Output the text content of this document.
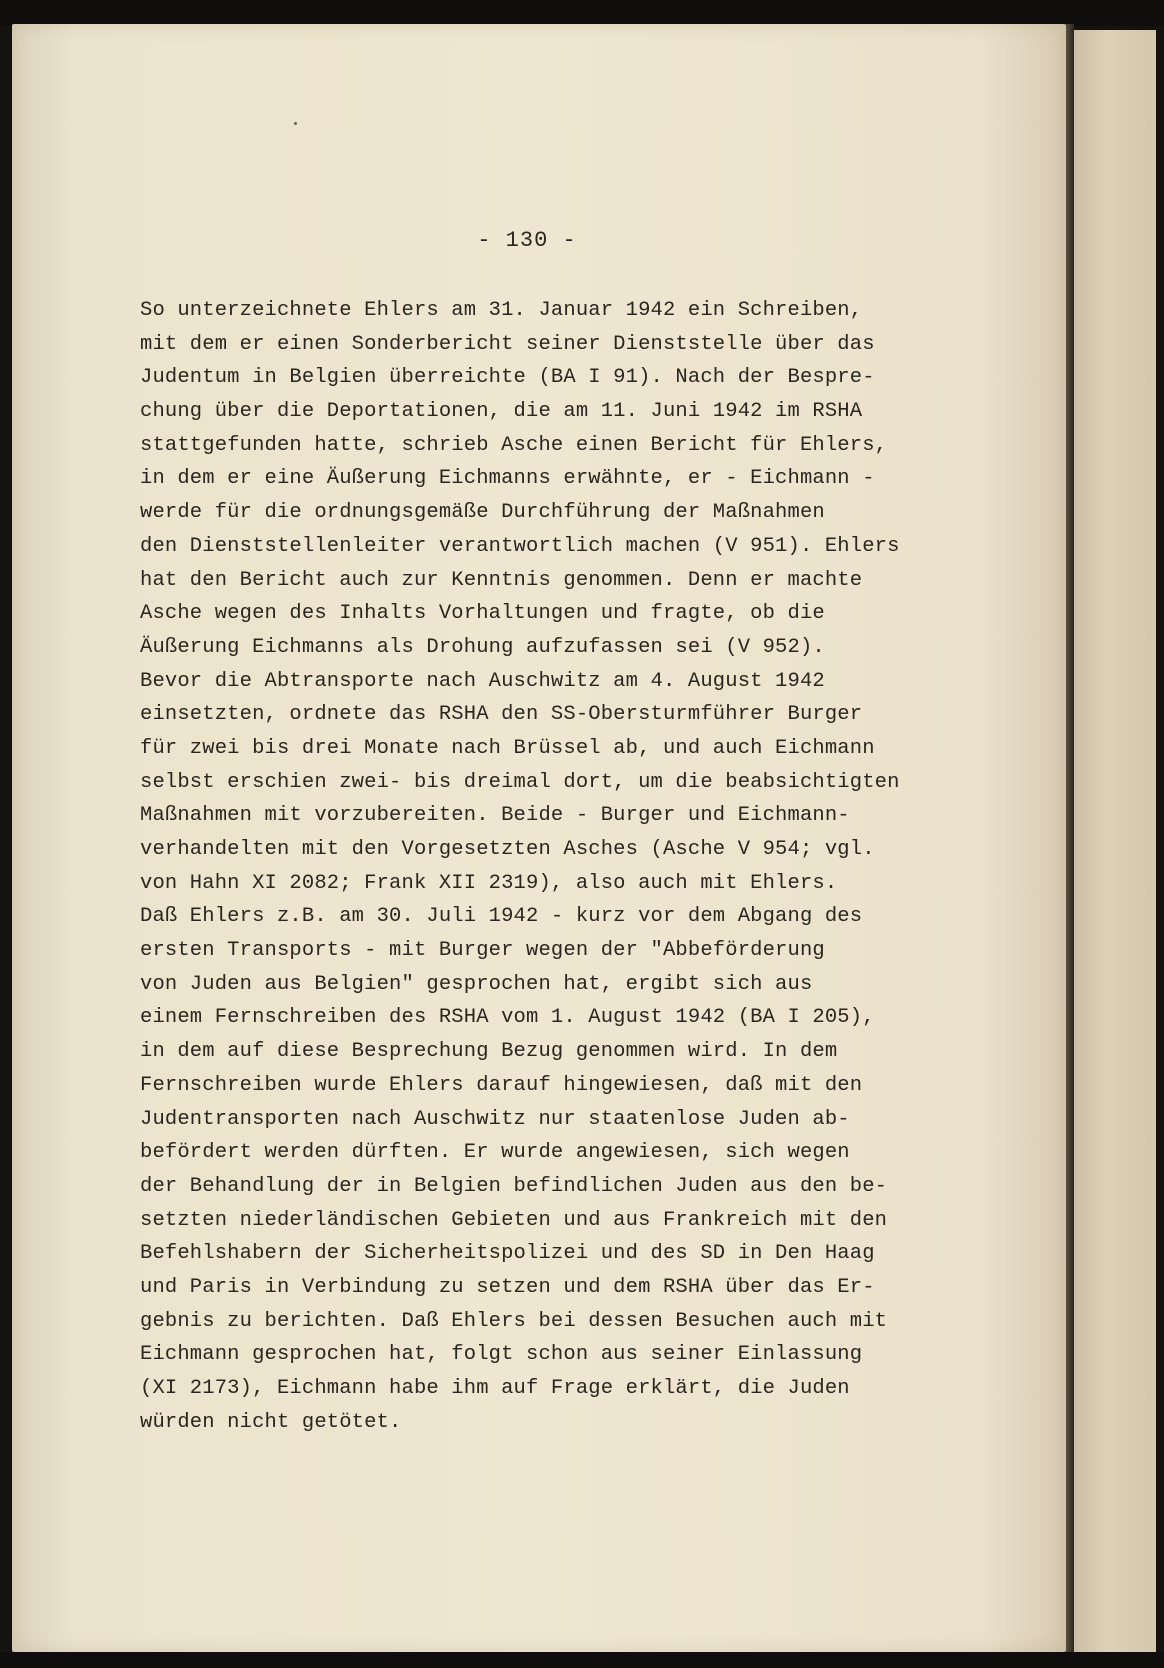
- 130 -
So unterzeichnete Ehlers am 31. Januar 1942 ein Schreiben,
mit dem er einen Sonderbericht seiner Dienststelle über das
Judentum in Belgien überreichte (BA I 91). Nach der Bespre-
chung über die Deportationen, die am 11. Juni 1942 im RSHA
stattgefunden hatte, schrieb Asche einen Bericht für Ehlers,
in dem er eine Äußerung Eichmanns erwähnte, er - Eichmann -
werde für die ordnungsgemäße Durchführung der Maßnahmen
den Dienststellenleiter verantwortlich machen (V 951). Ehlers
hat den Bericht auch zur Kenntnis genommen. Denn er machte
Asche wegen des Inhalts Vorhaltungen und fragte, ob die
Äußerung Eichmanns als Drohung aufzufassen sei (V 952).
Bevor die Abtransporte nach Auschwitz am 4. August 1942
einsetzten, ordnete das RSHA den SS-Obersturmführer Burger
für zwei bis drei Monate nach Brüssel ab, und auch Eichmann
selbst erschien zwei- bis dreimal dort, um die beabsichtigten
Maßnahmen mit vorzubereiten. Beide - Burger und Eichmann-
verhandelten mit den Vorgesetzten Asches (Asche V 954; vgl.
von Hahn XI 2082; Frank XII 2319), also auch mit Ehlers.
Daß Ehlers z.B. am 30. Juli 1942 - kurz vor dem Abgang des
ersten Transports - mit Burger wegen der "Abbeförderung
von Juden aus Belgien" gesprochen hat, ergibt sich aus
einem Fernschreiben des RSHA vom 1. August 1942 (BA I 205),
in dem auf diese Besprechung Bezug genommen wird. In dem
Fernschreiben wurde Ehlers darauf hingewiesen, daß mit den
Judentransporten nach Auschwitz nur staatenlose Juden ab-
befördert werden dürften. Er wurde angewiesen, sich wegen
der Behandlung der in Belgien befindlichen Juden aus den be-
setzten niederländischen Gebieten und aus Frankreich mit den
Befehlshabern der Sicherheitspolizei und des SD in Den Haag
und Paris in Verbindung zu setzen und dem RSHA über das Er-
gebnis zu berichten. Daß Ehlers bei dessen Besuchen auch mit
Eichmann gesprochen hat, folgt schon aus seiner Einlassung
(XI 2173), Eichmann habe ihm auf Frage erklärt, die Juden
würden nicht getötet.
